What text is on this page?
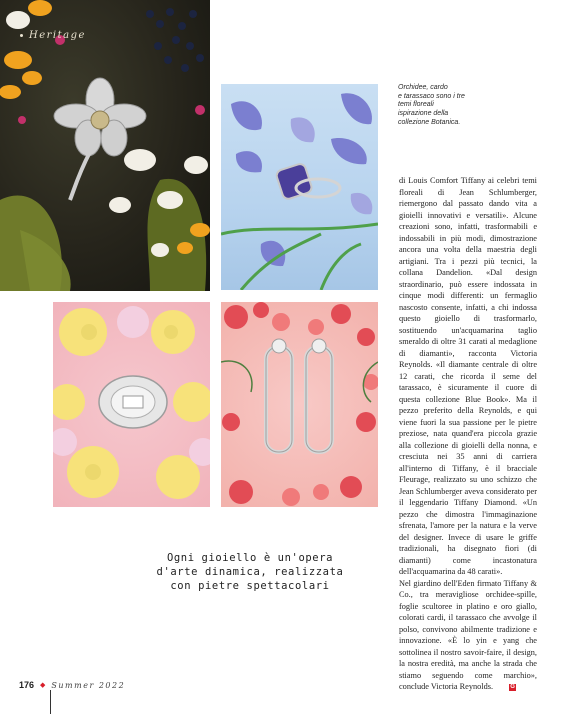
Heritage
Orchidee, cardo
e tarassaco sono i tre
temi floreali
ispirazione della
collezione Botanica.

di Louis Comfort Tiffany ai celebri temi floreali di Jean Schlumberger, riemergono dal passato dando vita a gioielli innovativi e versatili». Alcune creazioni sono, infatti, trasformabili e indossabili in più modi, dimostrazione ancora una volta della maestria degli artigiani. Tra i pezzi più tecnici, la collana Dandelion. «Dal design straordinario, può essere indossata in cinque modi differenti: un fermaglio nascosto consente, infatti, a chi indossa questo gioiello di trasformarlo, sostituendo un'acquamarina taglio smeraldo di oltre 31 carati al medaglione di diamanti», racconta Victoria Reynolds. «Il diamante centrale di oltre 12 carati, che ricorda il seme del tarassaco, è sicuramente il cuore di questa collezione Blue Book». Ma il pezzo preferito della Reynolds, e qui viene fuori la sua passione per le pietre preziose, nata quand'era piccola grazie alla collezione di gioielli della nonna, e cresciuta nei 35 anni di carriera all'interno di Tiffany, è il bracciale Fleurage, realizzato su uno schizzo che Jean Schlumberger aveva considerato per il leggendario Tiffany Diamond. «Un pezzo che dimostra l'immaginazione sfrenata, l'amore per la natura e la verve del designer. Invece di usare le griffe tradizionali, ha disegnato fiori (di diamanti) come incastonatura dell'acquamarina da 48 carati».

Nel giardino dell'Eden firmato Tiffany & Co., tra meravigliose orchidee-spille, foglie scultoree in platino e oro giallo, colorati cardi, il tarassaco che avvolge il polso, convivono abilmente tradizione e innovazione. «È lo yin e yang che sottolinea il nostro savoir-faire, il design, la nostra eredità, ma anche la strada che stiamo seguendo come marchio», conclude Victoria Reynolds.	G

Ogni gioiello è un'opera
d'arte dinamica, realizzata
con pietre spettacolari
176 ◆ Summer 2022
